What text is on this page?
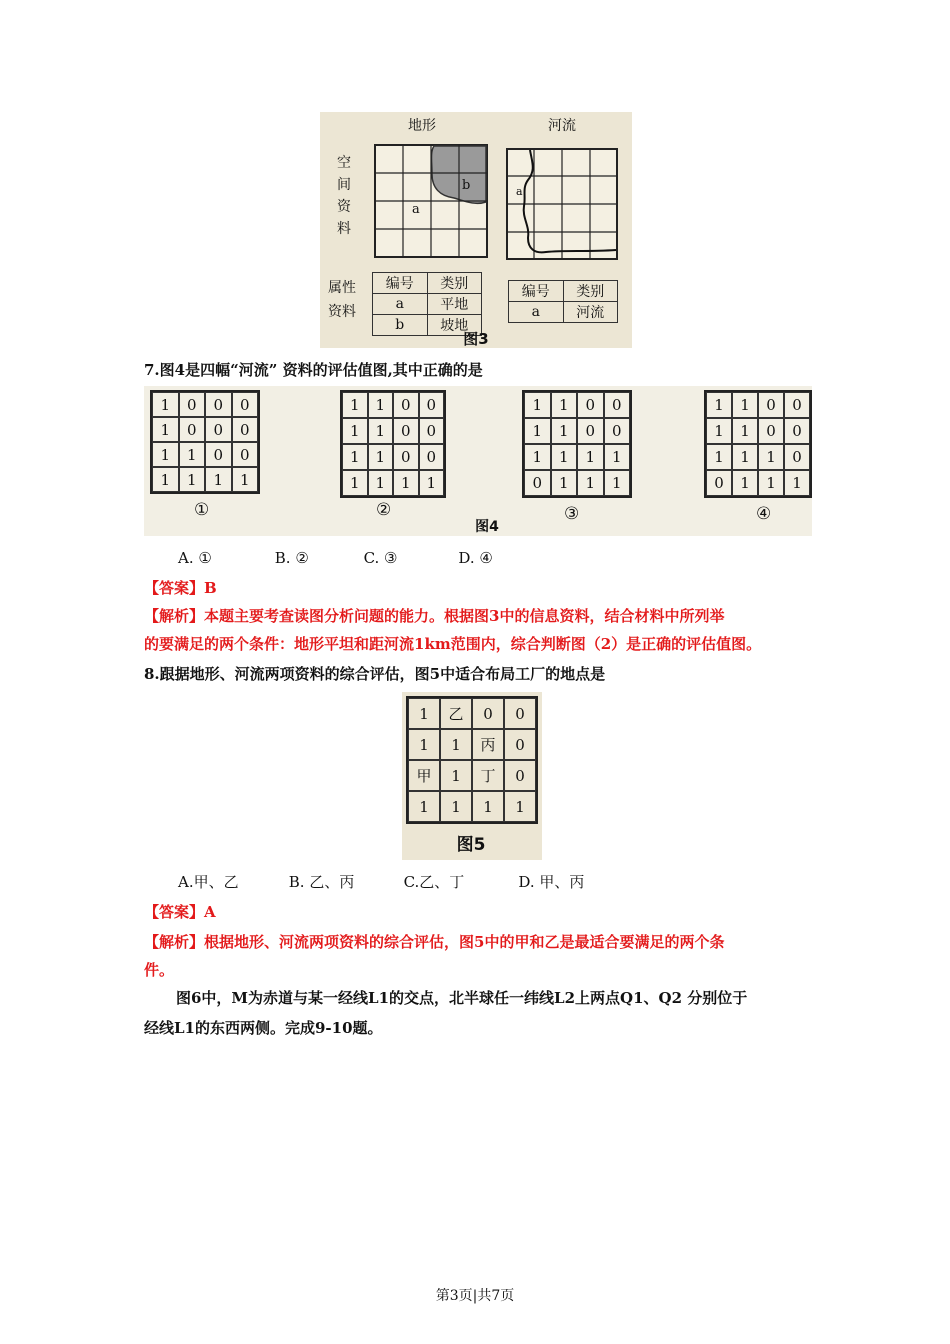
地形	河流
空
间
资
料
a
b	a
属性
资料
编号	类别
a	平地
b	坡地
编号	类别
a	河流
图3
7.图4是四幅“河流” 资料的评估值图,其中正确的是
1	0	0	0
1	0	0	0
1	1	0	0
1	1	1	1
1	1	0	0
1	1	0	0
1	1	0	0
1	1	1	1
1	1	0	0
1	1	0	0
1	1	1	1
0	1	1	1
1	1	0	0
1	1	0	0
1	1	1	0
0	1	1	1
①	②	③	④
图4
A. ①	B. ②	C. ③	D. ④
【答案】B
【解析】本题主要考查读图分析问题的能力。根据图3中的信息资料，结合材料中所列举
的要满足的两个条件：地形平坦和距河流1km范围内，综合判断图（2）是正确的评估值图。
8.跟据地形、河流两项资料的综合评估，图5中适合布局工厂的地点是
1	乙	0	0
1	1	丙	0
甲	1	丁	0
1	1	1	1
图5
A.甲、乙	B. 乙、丙	C.乙、丁	D. 甲、丙
【答案】A
【解析】根据地形、河流两项资料的综合评估，图5中的甲和乙是最适合要满足的两个条
件。
图6中，M为赤道与某一经线L1的交点，北半球任一纬线L2上两点Q1、Q2 分别位于
经线L1的东西两侧。完成9-10题。
第3页|共7页
